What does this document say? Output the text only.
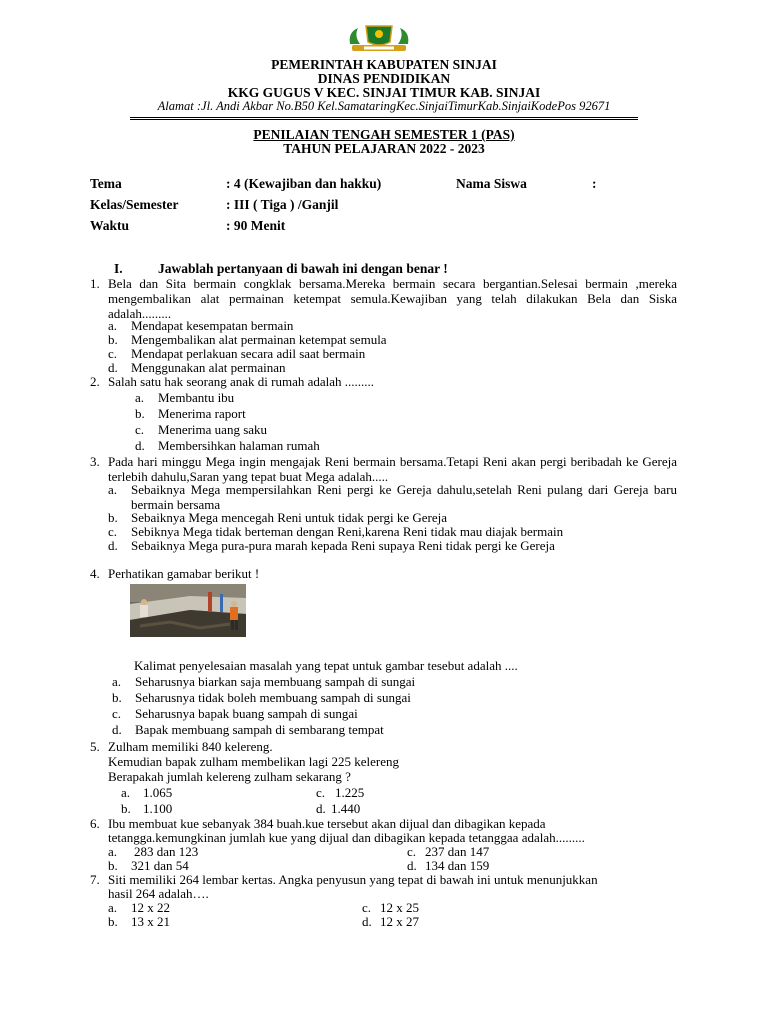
PEMERINTAH KABUPATEN SINJAI
DINAS PENDIDIKAN
KKG GUGUS V KEC. SINJAI TIMUR KAB. SINJAI
Alamat :Jl. Andi Akbar No.B50 Kel.SamataringKec.SinjaiTimurKab.SinjaiKodePos 92671
PENILAIAN TENGAH SEMESTER 1 (PAS)
TAHUN PELAJARAN 2022 - 2023
Tema	: 4 (Kewajiban dan hakku)	Nama Siswa	:
Kelas/Semester	: III ( Tiga ) /Ganjil
Waktu	: 90 Menit
I.	Jawablah pertanyaan di bawah ini dengan benar !
1. Bela dan Sita bermain congklak bersama.Mereka bermain secara bergantian.Selesai bermain ,mereka mengembalikan alat permainan ketempat semula.Kewajiban yang telah dilakukan Bela dan Siska adalah.........
a. Mendapat kesempatan bermain
b. Mengembalikan alat permainan ketempat semula
c. Mendapat perlakuan secara adil saat bermain
d. Menggunakan alat permainan
2. Salah satu hak seorang anak di rumah adalah .........
a. Membantu ibu
b. Menerima raport
c. Menerima uang saku
d. Membersihkan halaman rumah
3. Pada hari minggu Mega ingin mengajak Reni bermain bersama.Tetapi Reni akan pergi beribadah ke Gereja terlebih dahulu,Saran yang tepat buat Mega adalah.....
a. Sebaiknya Mega mempersilahkan Reni pergi ke Gereja dahulu,setelah Reni pulang dari Gereja baru bermain bersama
b. Sebaiknya Mega mencegah Reni untuk tidak pergi ke Gereja
c. Sebiknya Mega tidak berteman dengan Reni,karena Reni tidak mau diajak bermain
d. Sebaiknya Mega pura-pura marah kepada Reni supaya Reni tidak pergi ke Gereja
4. Perhatikan gamabar berikut !
Kalimat penyelesaian masalah yang tepat untuk gambar tesebut adalah ....
a. Seharusnya biarkan saja membuang sampah di sungai
b. Seharusnya tidak boleh membuang sampah di sungai
c. Seharusnya bapak buang sampah di sungai
d. Bapak membuang sampah di sembarang tempat
5. Zulham memiliki 840 kelereng.
Kemudian bapak zulham membelikan lagi 225 kelereng
Berapakah jumlah kelereng zulham sekarang ?
a. 1.065	c. 1.225
b. 1.100	d. 1.440
6. Ibu membuat kue sebanyak 384 buah.kue tersebut akan dijual dan dibagikan kepada
tetangga.kemungkinan jumlah kue yang dijual dan dibagikan kepada tetanggaa adalah.........
a. 283 dan 123	c. 237 dan 147
b. 321 dan 54	d. 134 dan 159
7. Siti memiliki 264 lembar kertas. Angka penyusun yang tepat di bawah ini untuk menunjukkan
hasil 264 adalah….
a. 12 x 22	c. 12 x 25
b. 13 x 21	d. 12 x 27
